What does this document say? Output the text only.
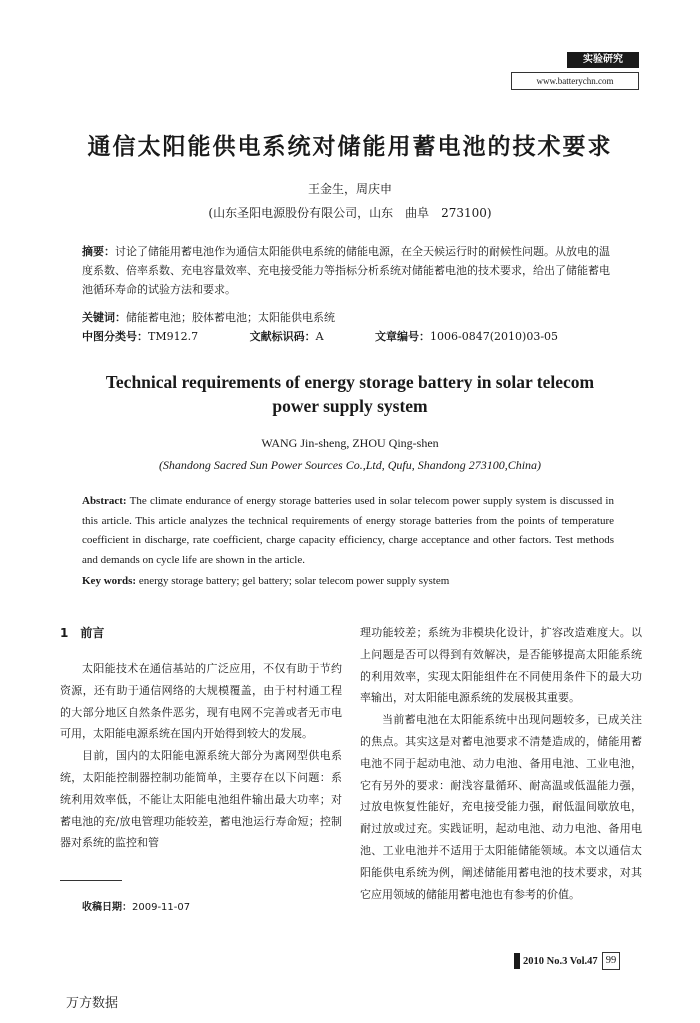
实验研究
www.batterychn.com
通信太阳能供电系统对储能用蓄电池的技术要求
王金生，周庆申
(山东圣阳电源股份有限公司，山东　曲阜　273100)
摘要：讨论了储能用蓄电池作为通信太阳能供电系统的储能电源，在全天候运行时的耐候性问题。从放电的温度系数、倍率系数、充电容量效率、充电接受能力等指标分析系统对储能蓄电池的技术要求，给出了储能蓄电池循环寿命的试验方法和要求。
关键词：储能蓄电池；胶体蓄电池；太阳能供电系统
中图分类号：TM912.7	文献标识码：A	文章编号：1006-0847(2010)03-05
Technical requirements of energy storage battery in solar telecom power supply system
WANG Jin-sheng, ZHOU Qing-shen
(Shandong Sacred Sun Power Sources Co.,Ltd, Qufu, Shandong 273100,China)
Abstract: The climate endurance of energy storage batteries used in solar telecom power supply system is discussed in this article. This article analyzes the technical requirements of energy storage batteries from the points of temperature coefficient in discharge, rate coefficient, charge capacity efficiency, charge acceptance and other factors. Test methods and demands on cycle life are shown in the article.
Key words: energy storage battery; gel battery; solar telecom power supply system
1　前言

太阳能技术在通信基站的广泛应用，不仅有助于节约资源，还有助于通信网络的大规模覆盖，由于村村通工程的大部分地区自然条件恶劣，现有电网不完善或者无市电可用，太阳能电源系统在国内开始得到较大的发展。

目前，国内的太阳能电源系统大部分为离网型供电系统，太阳能控制器控制功能简单，主要存在以下问题：系统利用效率低，不能让太阳能电池组件输出最大功率；对蓄电池的充/放电管理功能较差，蓄电池运行寿命短；控制器对系统的监控和管

理功能较差；系统为非模块化设计，扩容改造难度大。以上问题是否可以得到有效解决，是否能够提高太阳能系统的利用效率，实现太阳能组件在不同使用条件下的最大功率输出，对太阳能电源系统的发展极其重要。

当前蓄电池在太阳能系统中出现问题较多，已成关注的焦点。其实这是对蓄电池要求不清楚造成的，储能用蓄电池不同于起动电池、动力电池、备用电池、工业电池，它有另外的要求：耐浅容量循环、耐高温或低温能力强，过放电恢复性能好，充电接受能力强，耐低温间歇放电，耐过放或过充。实践证明，起动电池、动力电池、备用电池、工业电池并不适用于太阳能储能领域。本文以通信太阳能供电系统为例，阐述储能用蓄电池的技术要求，对其它应用领域的储能用蓄电池也有参考的价值。

收稿日期：2009-11-07
2010 No.3 Vol.47 99
万方数据
